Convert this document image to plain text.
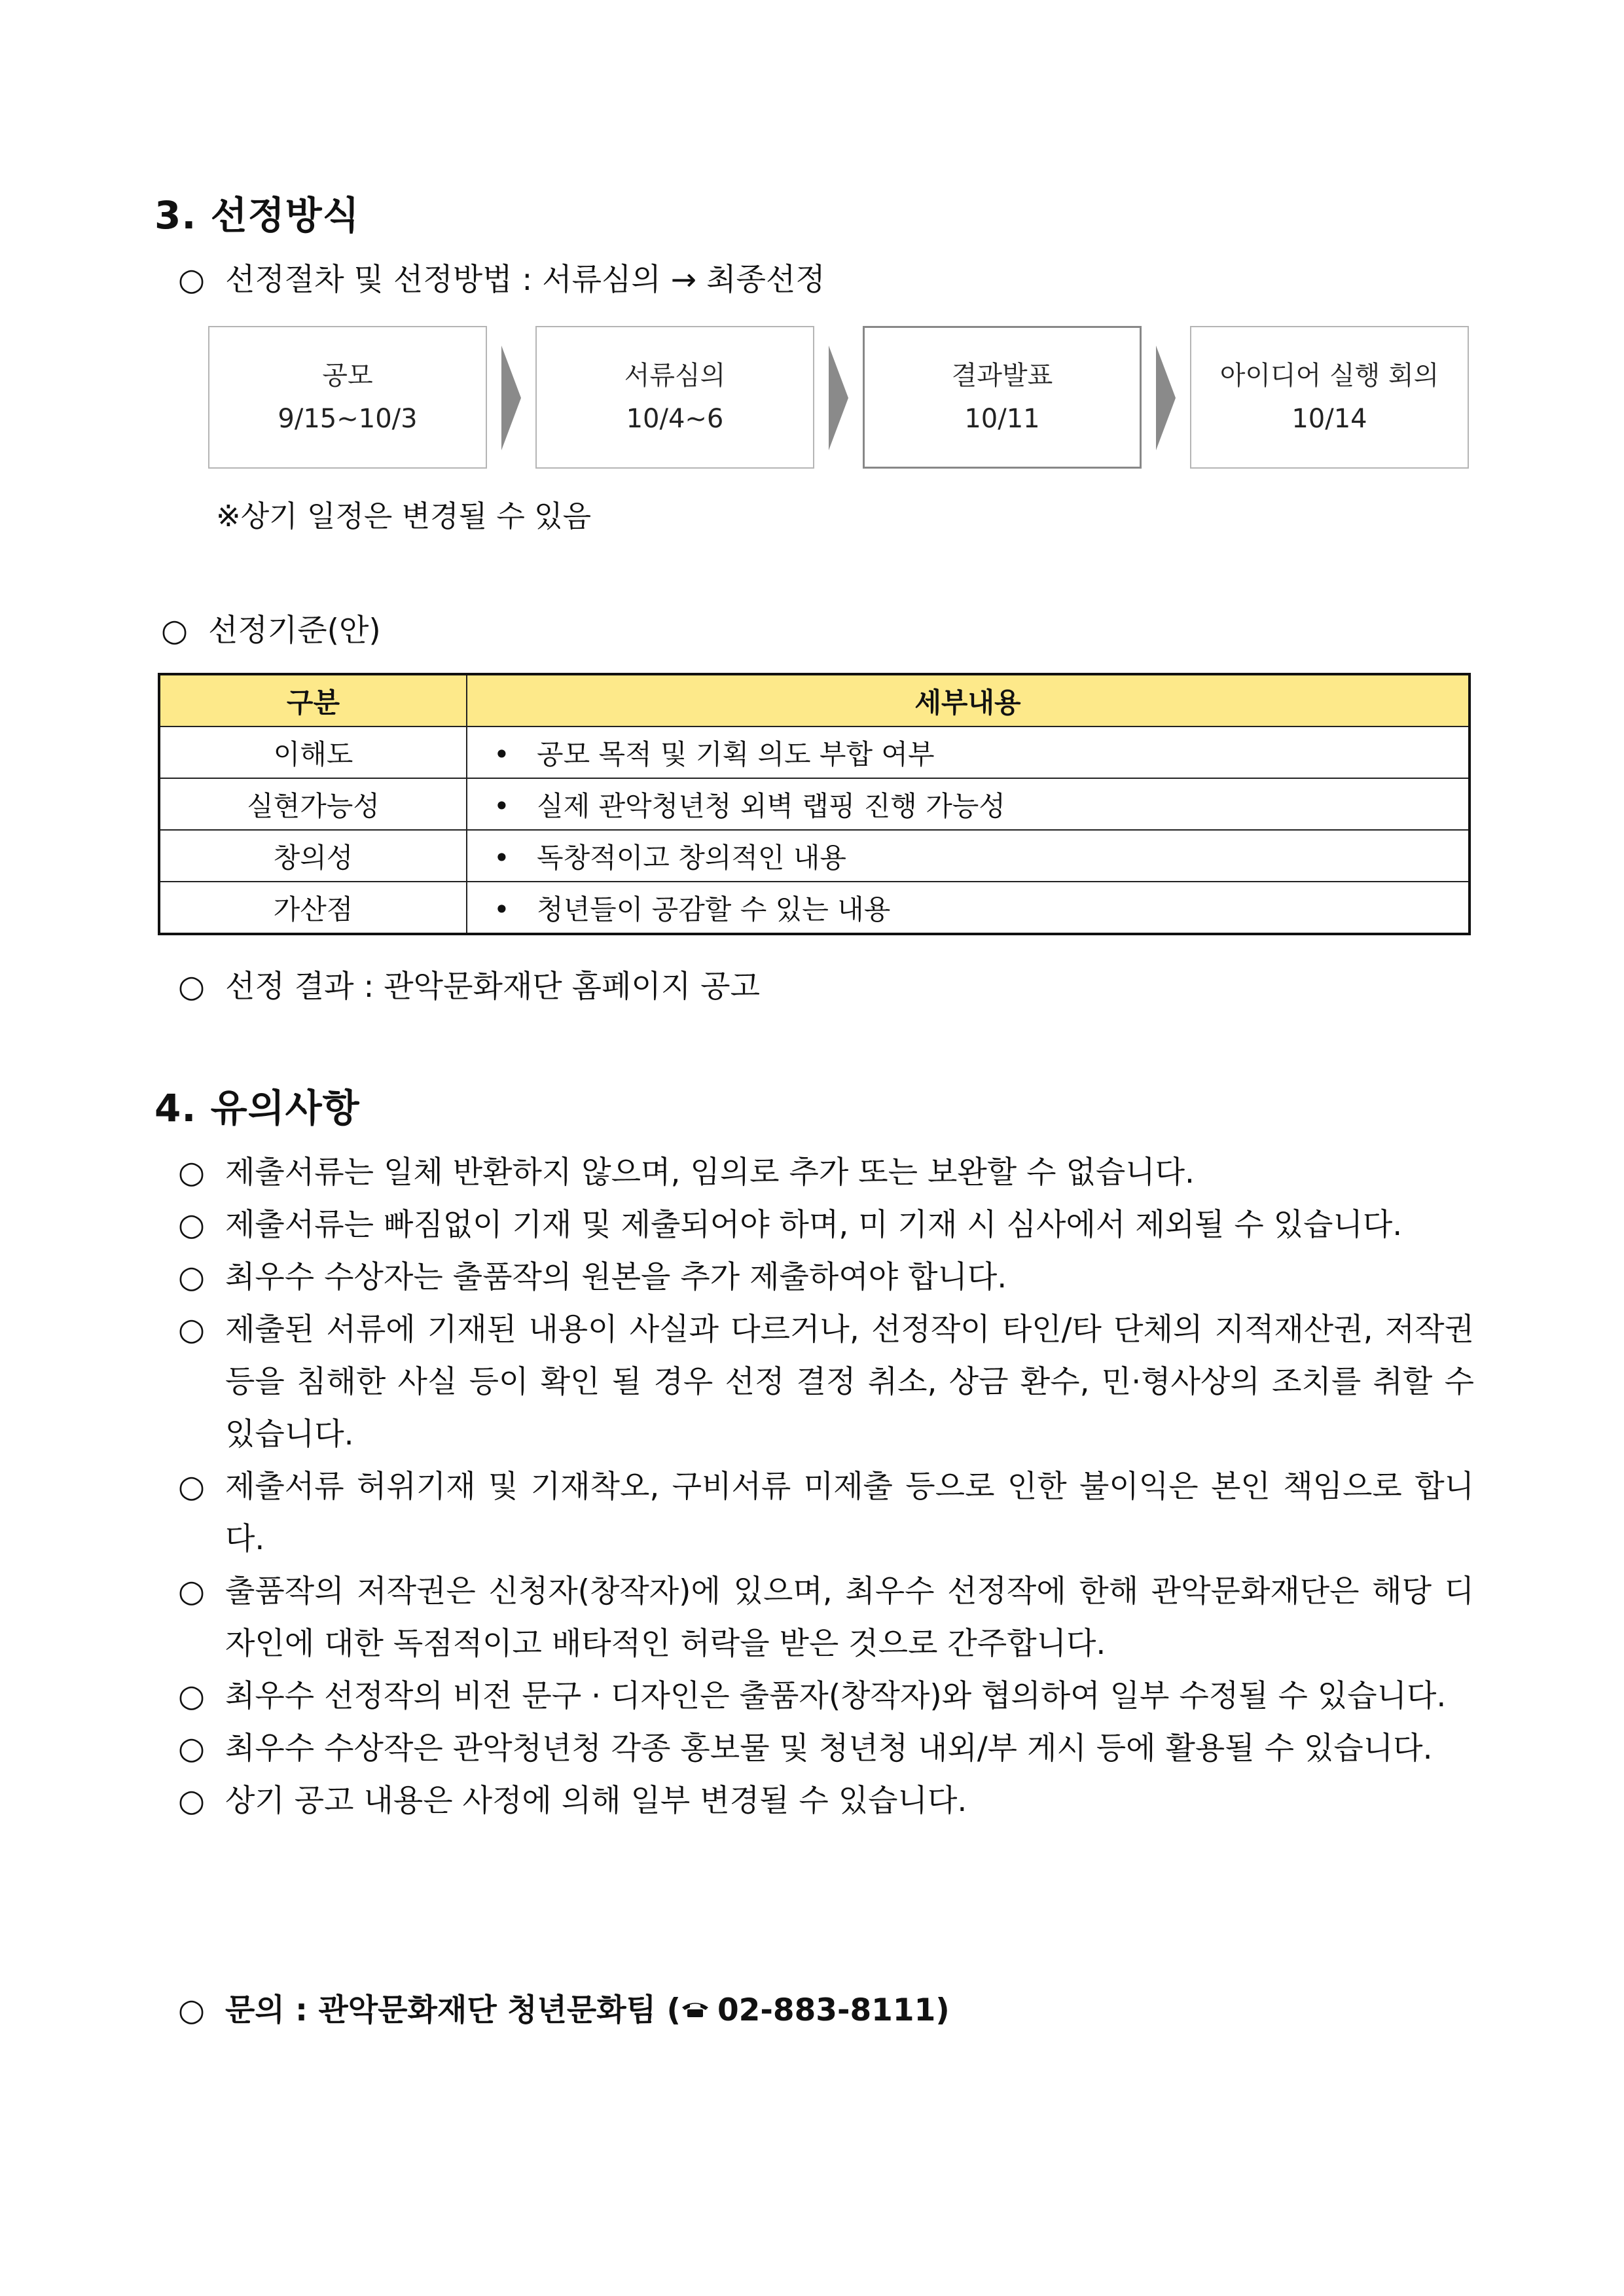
3. 선정방식
○ 선정절차 및 선정방법 : 서류심의 → 최종선정
공모
9/15~10/3
서류심의
10/4~6
결과발표
10/11
아이디어 실행 회의
10/14
※상기 일정은 변경될 수 있음
○ 선정기준(안)
구분	세부내용
이해도	• 공모 목적 및 기획 의도 부합 여부
실현가능성	• 실제 관악청년청 외벽 랩핑 진행 가능성
창의성	• 독창적이고 창의적인 내용
가산점	• 청년들이 공감할 수 있는 내용
○ 선정 결과 : 관악문화재단 홈페이지 공고
4. 유의사항
○ 제출서류는 일체 반환하지 않으며, 임의로 추가 또는 보완할 수 없습니다.
○ 제출서류는 빠짐없이 기재 및 제출되어야 하며, 미 기재 시 심사에서 제외될 수 있습니다.
○ 최우수 수상자는 출품작의 원본을 추가 제출하여야 합니다.
○ 제출된 서류에 기재된 내용이 사실과 다르거나, 선정작이 타인/타 단체의 지적재산권, 저작권 등을 침해한 사실 등이 확인 될 경우 선정 결정 취소, 상금 환수, 민·형사상의 조치를 취할 수 있습니다.
○ 제출서류 허위기재 및 기재착오, 구비서류 미제출 등으로 인한 불이익은 본인 책임으로 합니다.
○ 출품작의 저작권은 신청자(창작자)에 있으며, 최우수 선정작에 한해 관악문화재단은 해당 디자인에 대한 독점적이고 배타적인 허락을 받은 것으로 간주합니다.
○ 최우수 선정작의 비전 문구 · 디자인은 출품자(창작자)와 협의하여 일부 수정될 수 있습니다.
○ 최우수 수상작은 관악청년청 각종 홍보물 및 청년청 내외/부 게시 등에 활용될 수 있습니다.
○ 상기 공고 내용은 사정에 의해 일부 변경될 수 있습니다.
○ 문의 : 관악문화재단 청년문화팀 ( 02-883-8111)
